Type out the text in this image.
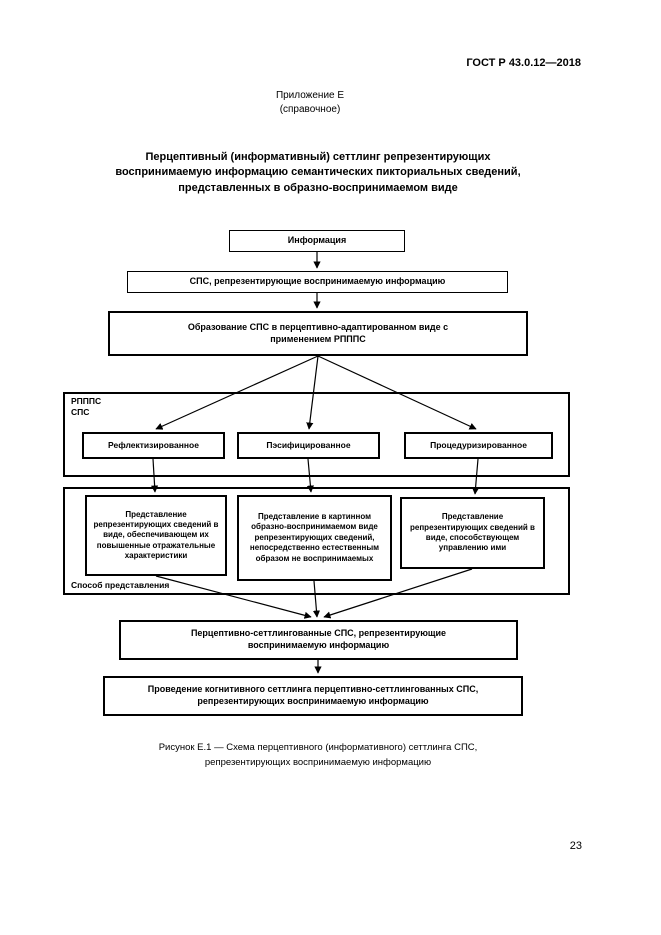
ГОСТ Р 43.0.12—2018
Приложение Е
(справочное)
Перцептивный (информативный) сеттлинг репрезентирующих воспринимаемую информацию семантических пикториальных сведений, представленных в образно-воспринимаемом виде
РПППС
СПС
Способ представления
Информация
СПС, репрезентирующие воспринимаемую информацию
Образование СПС в перцептивно-адаптированном виде с применением РПППС
Рефлектизированное	Пэсифицированное	Процедуризированное
Представление репрезентирующих сведений в виде, обеспечивающем их повышенные отражательные характеристики
Представление в картинном образно-воспринимаемом виде репрезентирующих сведений, непосредственно естественным образом не воспринимаемых
Представление репрезентирующих сведений в виде, способствующем управлению ими
Перцептивно-сеттлингованные СПС, репрезентирующие воспринимаемую информацию
Проведение когнитивного сеттлинга перцептивно-сеттлингованных СПС, репрезентирующих воспринимаемую информацию
Рисунок Е.1 — Схема перцептивного (информативного) сеттлинга СПС, репрезентирующих воспринимаемую информацию
23
